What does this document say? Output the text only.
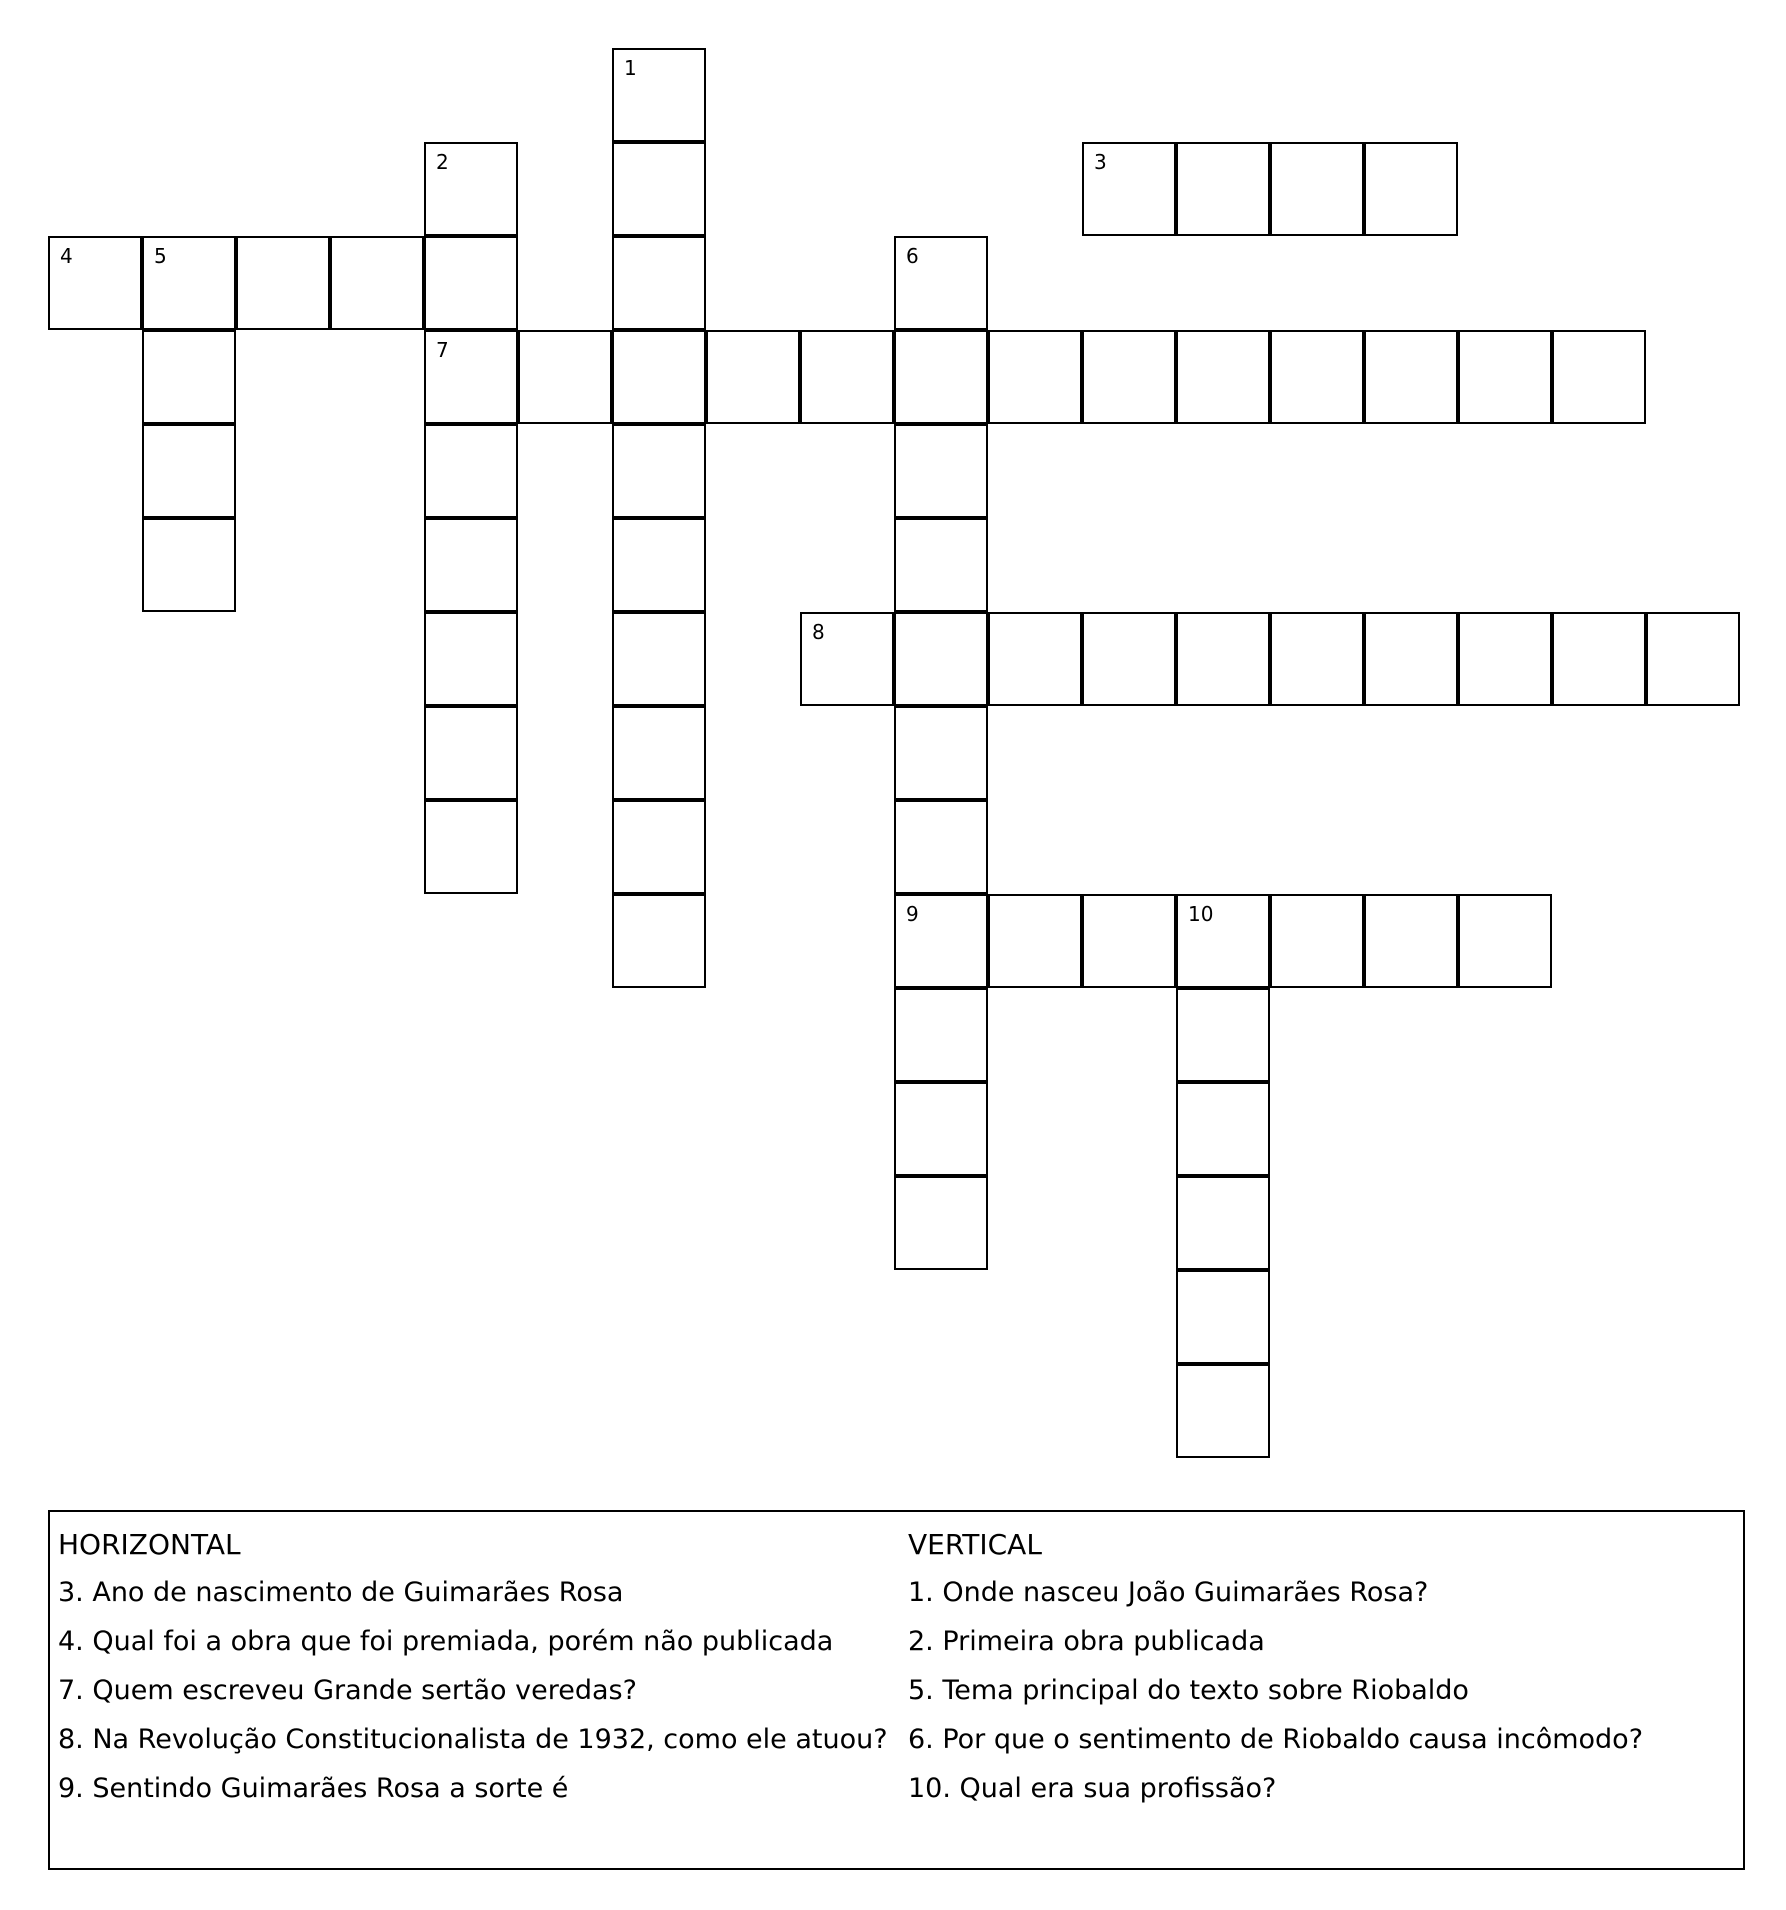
1
2
7
3
4	5	6
9
8
10
HORIZONTAL
3. Ano de nascimento de Guimarães Rosa
4. Qual foi a obra que foi premiada, porém não publicada
7. Quem escreveu Grande sertão veredas?
8. Na Revolução Constitucionalista de 1932, como ele atuou?
9. Sentindo Guimarães Rosa a sorte é
VERTICAL
1. Onde nasceu João Guimarães Rosa?
2. Primeira obra publicada
5. Tema principal do texto sobre Riobaldo
6. Por que o sentimento de Riobaldo causa incômodo?
10. Qual era sua profissão?
